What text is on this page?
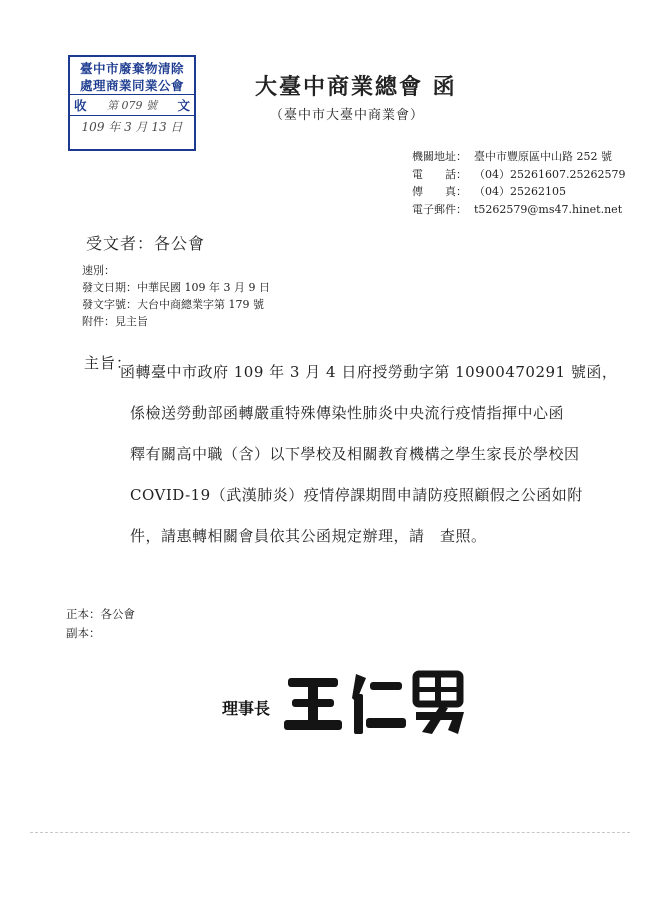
臺中市廢棄物清除
處理商業同業公會
收 第 079 號 文
109 年 3 月 13 日
大臺中商業總會 函
（臺中市大臺中商業會）
機關地址： 臺中市豐原區中山路 252 號
電　　話： （04）25261607.25262579
傳　　真： （04）25262105
電子郵件： t5262579@ms47.hinet.net
受文者：各公會
速別：
發文日期：中華民國 109 年 3 月 9 日
發文字號：大台中商總業字第 179 號
附件：見主旨
主旨：
函轉臺中市政府 109 年 3 月 4 日府授勞動字第 10900470291 號函，
係檢送勞動部函轉嚴重特殊傳染性肺炎中央流行疫情指揮中心函
釋有關高中職（含）以下學校及相關教育機構之學生家長於學校因
COVID-19（武漢肺炎）疫情停課期間申請防疫照顧假之公函如附
件，請惠轉相關會員依其公函規定辦理，請　查照。
正本：各公會
副本：
理事長
